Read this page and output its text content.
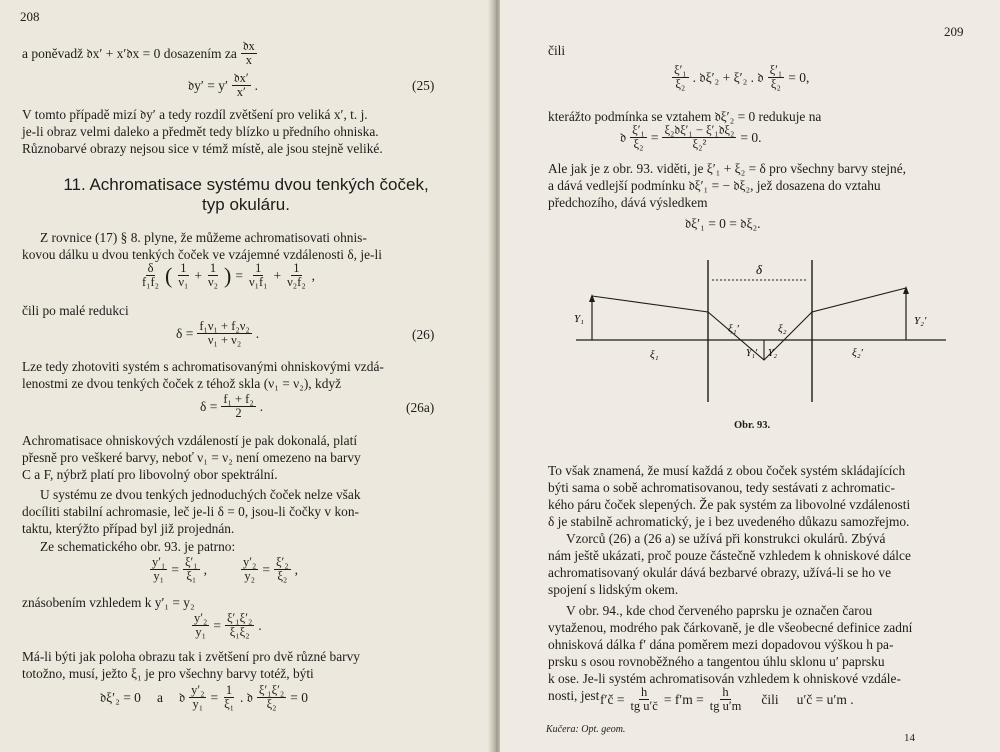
208
a poněvadž 𝔡x′ + x′𝔡x = 0 dosazením za $\frac{\text{𝔡x}}{x}$
𝔡y′ = $y' \frac{\text{𝔡x′}}{x'}$ .	(25)
V tomto případě mizí 𝔡y′ a tedy rozdíl zvětšení pro veliká x′, t. j.
je-li obraz velmi daleko a předmět tedy blízko u předního ohniska.
Různobarvé obrazy nejsou sice v témž místě, ale jsou stejně veliké.
11. Achromatisace systému dvou tenkých čoček,
typ okuláru.
Z rovnice (17) § 8. plyne, že můžeme achromatisovati ohnis-
kovou dálku u dvou tenkých čoček ve vzájemné vzdálenosti δ, je-li
$\frac{\delta}{\text{f₁f₂}}$ ( $\frac{1}{\text{ν₁}} + \frac{1}{\text{ν₂}}$ ) = $\frac{1}{\text{ν₁f₁}} + \frac{1}{\text{ν₂f₂}}$ ,
čili po malé redukci
$\delta = \frac{\text{f₁ν₁ + f₂ν₂}}{\text{ν₁ + ν₂}}$ .	(26)
Lze tedy zhotoviti systém s achromatisovanými ohniskovými vzdá-
lenostmi ze dvou tenkých čoček z téhož skla (ν₁ = ν₂), když
$\delta = \frac{\text{f₁ + f₂}}{2}$ .	(26a)
Achromatisace ohniskových vzdáleností je pak dokonalá, platí
přesně pro veškeré barvy, neboť ν₁ = ν₂ není omezeno na barvy
C a F, nýbrž platí pro libovolný obor spektrální.
U systému ze dvou tenkých jednoduchých čoček nelze však
docíliti stabilní achromasie, leč je-li δ = 0, jsou-li čočky v kon-
taktu, kterýžto případ byl již projednán.
Ze schematického obr. 93. je patrno:
$\frac{\text{y′₁}}{\text{y₁}} = \frac{\text{ξ′₁}}{\text{ξ₁}}$ ,	$\frac{\text{y′₂}}{\text{y₂}} = \frac{\text{ξ′₂}}{\text{ξ₂}}$ ,
znásobením vzhledem k y′₁ = y₂
$\frac{\text{y′₂}}{\text{y₁}} = \frac{\text{ξ′₁ξ′₂}}{\text{ξ₁ξ₂}}$ .
Má-li býti jak poloha obrazu tak i zvětšení pro dvě různé barvy
totožno, musí, ježto ξ₁ je pro všechny barvy totéž, býti
𝔡ξ′₂ = 0 a 𝔡 $\frac{\text{y′₂}}{\text{y₁}} = \frac{1}{\text{ξ₁}}$ . 𝔡 $\frac{\text{ξ′₁ξ′₂}}{\text{ξ₂}} = 0$
209
čili
$\frac{\text{ξ′₁}}{\text{ξ₂}}$ . 𝔡ξ′₂ + ξ′₂ . 𝔡 $\frac{\text{ξ′₁}}{\text{ξ₂}} = 0$,
kterážto podmínka se vztahem 𝔡ξ′₂ = 0 redukuje na
𝔡 $\frac{\text{ξ′₁}}{\text{ξ₂}} = \frac{\text{ξ₂𝔡ξ′₁ − ξ′₁𝔡ξ₂}}{\text{ξ₂²}} = 0$.
Ale jak je z obr. 93. viděti, je ξ′₁ + ξ₂ = δ pro všechny barvy stejné,
a dává vedlejší podmínku 𝔡ξ′₁ = − 𝔡ξ₂, jež dosazena do vztahu
předchozího, dává výsledkem
𝔡ξ′₁ = 0 = 𝔡ξ₂.
δ
Y₁	Y₂′
ξ₁
ξ₁′	ξ₂
ξ₂′
Y₁′ Y₂
Obr. 93.
To však znamená, že musí každá z obou čoček systém skládajících
býti sama o sobě achromatisovanou, tedy sestávati z achromatic-
kého páru čoček slepených. Že pak systém za libovolné vzdálenosti
δ je stabilně achromatický, je i bez uvedeného důkazu samozřejmo.
Vzorců (26) a (26 a) se užívá při konstrukci okulárů. Zbývá
nám ještě ukázati, proč pouze částečně vzhledem k ohniskové dálce
achromatisovaný okulár dává bezbarvé obrazy, užívá-li se ho ve
spojení s lidským okem.
V obr. 94., kde chod červeného paprsku je označen čarou
vytaženou, modrého pak čárkovaně, je dle všeobecné definice zadní
ohnisková dálka f′ dána poměrem mezi dopadovou výškou h pa-
prsku s osou rovnoběžného a tangentou úhlu sklonu u′ paprsku
k ose. Je-li systém achromatisován vzhledem k ohniskové vzdále-
nosti, jest f′č = $\frac{h}{\text{tg u′č}} = f'm = \frac{h}{\text{tg u′m}}$ čili u′č = u′m .
Kučera: Opt. geom.
14
